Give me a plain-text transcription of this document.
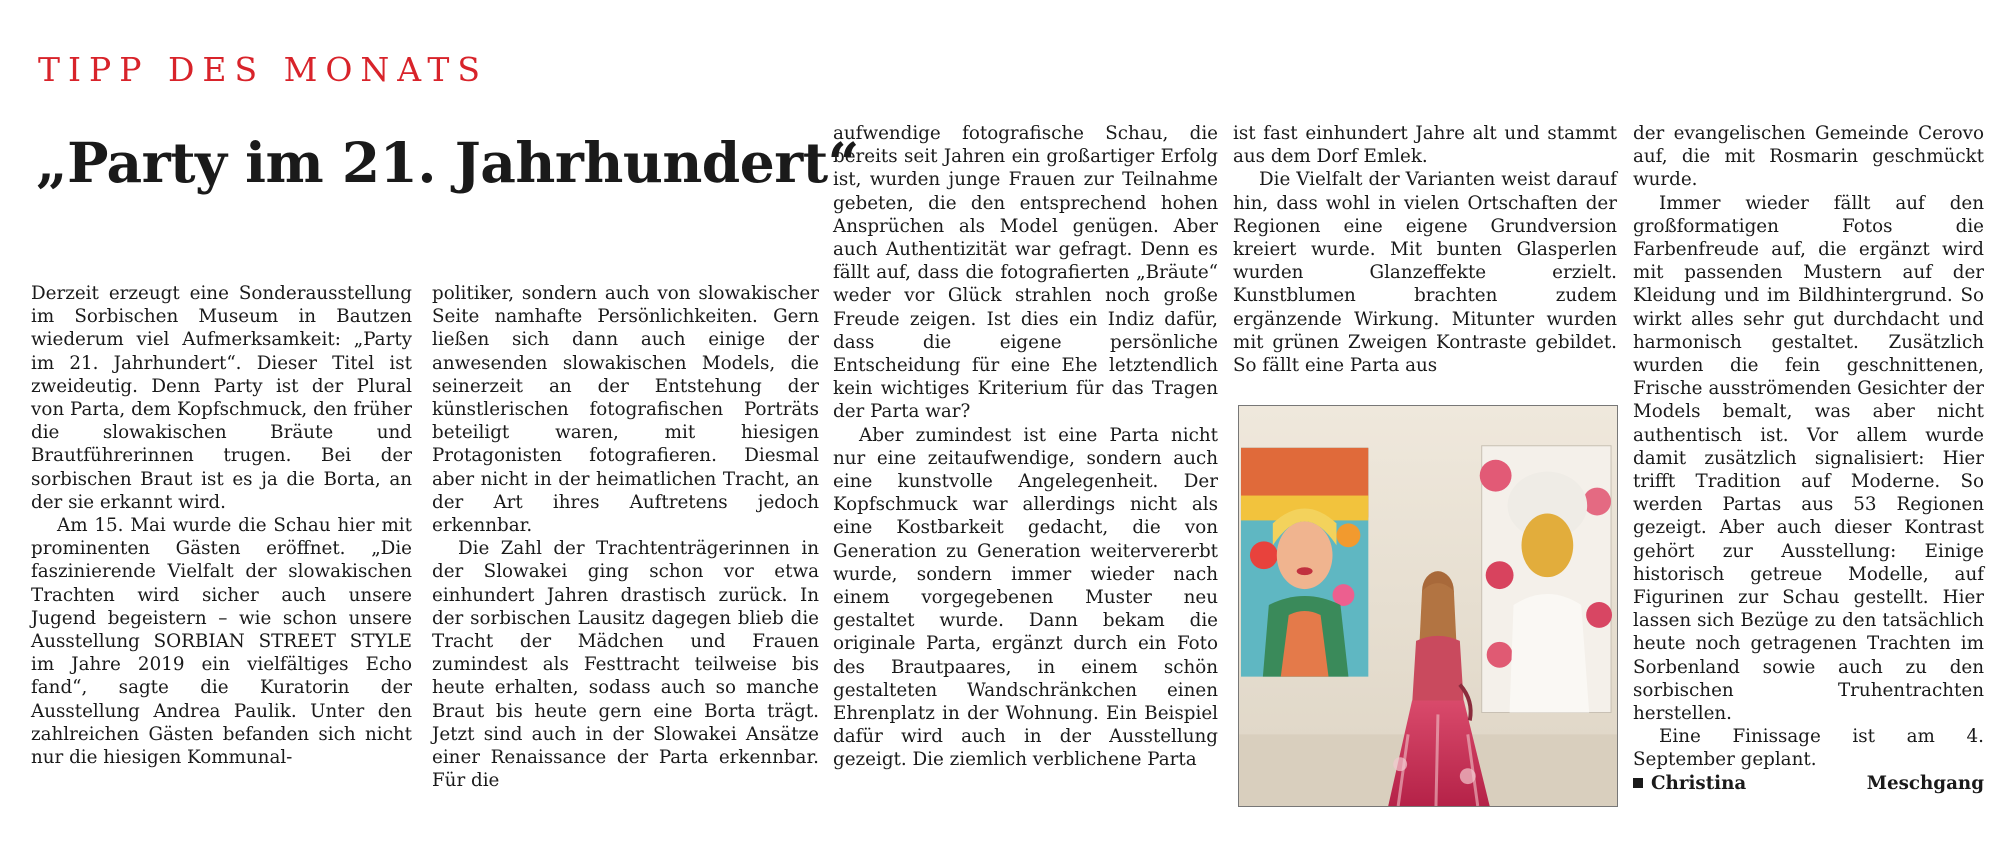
TIPP DES MONATS
„Party im 21. Jahrhundert“

Derzeit erzeugt eine Sonderausstellung im Sorbischen Museum in Bautzen wiederum viel Aufmerksamkeit: „Party im 21. Jahrhundert“. Dieser Titel ist zweideutig. Denn Party ist der Plural von Parta, dem Kopfschmuck, den früher die slowakischen Bräute und Brautführerinnen trugen. Bei der sorbischen Braut ist es ja die Borta, an der sie erkannt wird.

Am 15. Mai wurde die Schau hier mit prominenten Gästen eröffnet. „Die faszinierende Vielfalt der slowakischen Trachten wird sicher auch unsere Jugend begeistern – wie schon unsere Ausstellung SORBIAN STREET STYLE im Jahre 2019 ein vielfältiges Echo fand“, sagte die Kuratorin der Ausstellung Andrea Paulik. Unter den zahlreichen Gästen befanden sich nicht nur die hiesigen Kommunal-

politiker, sondern auch von slowakischer Seite namhafte Persönlichkeiten. Gern ließen sich dann auch einige der anwesenden slowakischen Models, die seinerzeit an der Entstehung der künstlerischen fotografischen Porträts beteiligt waren, mit hiesigen Protagonisten fotografieren. Diesmal aber nicht in der heimatlichen Tracht, an der Art ihres Auftretens jedoch erkennbar.

Die Zahl der Trachtenträgerinnen in der Slowakei ging schon vor etwa einhundert Jahren drastisch zurück. In der sorbischen Lausitz dagegen blieb die Tracht der Mädchen und Frauen zumindest als Festtracht teilweise bis heute erhalten, sodass auch so manche Braut bis heute gern eine Borta trägt. Jetzt sind auch in der Slowakei Ansätze einer Renaissance der Parta erkennbar. Für die

aufwendige fotografische Schau, die bereits seit Jahren ein großartiger Erfolg ist, wurden junge Frauen zur Teilnahme gebeten, die den entsprechend hohen Ansprüchen als Model genügen. Aber auch Authentizität war gefragt. Denn es fällt auf, dass die fotografierten „Bräute“ weder vor Glück strahlen noch große Freude zeigen. Ist dies ein Indiz dafür, dass die eigene persönliche Entscheidung für eine Ehe letztendlich kein wichtiges Kriterium für das Tragen der Parta war?

Aber zumindest ist eine Parta nicht nur eine zeitaufwendige, sondern auch eine kunstvolle Angelegenheit. Der Kopfschmuck war allerdings nicht als eine Kostbarkeit gedacht, die von Generation zu Generation weitervererbt wurde, sondern immer wieder nach einem vorgegebenen Muster neu gestaltet wurde. Dann bekam die originale Parta, ergänzt durch ein Foto des Brautpaares, in einem schön gestalteten Wandschränkchen einen Ehrenplatz in der Wohnung. Ein Beispiel dafür wird auch in der Ausstellung gezeigt. Die ziemlich verblichene Parta

ist fast einhundert Jahre alt und stammt aus dem Dorf Emlek.

Die Vielfalt der Varianten weist darauf hin, dass wohl in vielen Ortschaften der Regionen eine eigene Grundversion kreiert wurde. Mit bunten Glasperlen wurden Glanzeffekte erzielt. Kunstblumen brachten zudem ergänzende Wirkung. Mitunter wurden mit grünen Zweigen Kontraste gebildet. So fällt eine Parta aus

der evangelischen Gemeinde Cerovo auf, die mit Rosmarin geschmückt wurde.

Immer wieder fällt auf den großformatigen Fotos die Farbenfreude auf, die ergänzt wird mit passenden Mustern auf der Kleidung und im Bildhintergrund. So wirkt alles sehr gut durchdacht und harmonisch gestaltet. Zusätzlich wurden die fein geschnittenen, Frische ausströmenden Gesichter der Models bemalt, was aber nicht authentisch ist. Vor allem wurde damit zusätzlich signalisiert: Hier trifft Tradition auf Moderne. So werden Partas aus 53 Regionen gezeigt. Aber auch dieser Kontrast gehört zur Ausstellung: Einige historisch getreue Modelle, auf Figurinen zur Schau gestellt. Hier lassen sich Bezüge zu den tatsächlich heute noch getragenen Trachten im Sorbenland sowie auch zu den sorbischen Truhentrachten herstellen.

Eine Finissage ist am 4. September geplant.

Christina Meschgang
